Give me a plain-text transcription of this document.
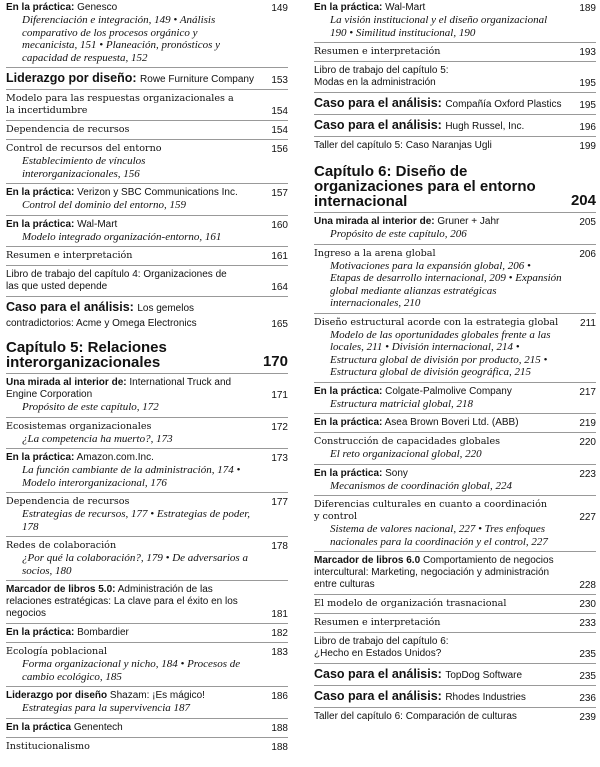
En la práctica: Genesco	149
Diferenciación e integración, 149 • Análisis comparativo de los procesos orgánico y mecanicista, 151 • Planeación, pronósticos y capacidad de respuesta, 152
Liderazgo por diseño: Rowe Furniture Company	153
Modelo para las respuestas organizacionales a la incertidumbre	154
Dependencia de recursos	154
Control de recursos del entorno	156
Establecimiento de vínculos interorganizacionales, 156
En la práctica: Verizon y SBC Communications Inc.	157
Control del dominio del entorno, 159
En la práctica: Wal-Mart	160
Modelo integrado organización-entorno, 161
Resumen e interpretación	161
Libro de trabajo del capítulo 4: Organizaciones de las que usted depende	164
Caso para el análisis: Los gemelos contradictorios: Acme y Omega Electronics	165
Capítulo 5: Relaciones interorganizacionales	170
Una mirada al interior de: International Truck and Engine Corporation	171
Propósito de este capítulo, 172
Ecosistemas organizacionales	172
¿La competencia ha muerto?, 173
En la práctica: Amazon.com.Inc.	173
La función cambiante de la administración, 174 • Modelo interorganizacional, 176
Dependencia de recursos	177
Estrategias de recursos, 177 • Estrategias de poder, 178
Redes de colaboración	178
¿Por qué la colaboración?, 179 • De adversarios a socios, 180
Marcador de libros 5.0: Administración de las relaciones estratégicas: La clave para el éxito en los negocios	181
En la práctica: Bombardier	182
Ecología poblacional	183
Forma organizacional y nicho, 184 • Procesos de cambio ecológico, 185
Liderazgo por diseño Shazam: ¡Es mágico!	186
Estrategias para la supervivencia 187
En la práctica Genentech	188
Institucionalismo	188
En la práctica: Wal-Mart	189
La visión institucional y el diseño organizacional 190 • Similitud institucional, 190
Resumen e interpretación	193
Libro de trabajo del capítulo 5: Modas en la administración	195
Caso para el análisis: Compañía Oxford Plastics	195
Caso para el análisis: Hugh Russel, Inc.	196
Taller del capítulo 5: Caso Naranjas Ugli	199
Capítulo 6: Diseño de organizaciones para el entorno internacional	204
Una mirada al interior de: Gruner + Jahr	205
Propósito de este capítulo, 206
Ingreso a la arena global	206
Motivaciones para la expansión global, 206 • Etapas de desarrollo internacional, 209 • Expansión global mediante alianzas estratégicas internacionales, 210
Diseño estructural acorde con la estrategia global	211
Modelo de las oportunidades globales frente a las locales, 211 • División internacional, 214 • Estructura global de división por producto, 215 • Estructura global de división geográfica, 215
En la práctica: Colgate-Palmolive Company	217
Estructura matricial global, 218
En la práctica: Asea Brown Boveri Ltd. (ABB)	219
Construcción de capacidades globales	220
El reto organizacional global, 220
En la práctica: Sony	223
Mecanismos de coordinación global, 224
Diferencias culturales en cuanto a coordinación y control	227
Sistema de valores nacional, 227 • Tres enfoques nacionales para la coordinación y el control, 227
Marcador de libros 6.0 Comportamiento de negocios intercultural: Marketing, negociación y administración entre culturas	228
El modelo de organización trasnacional	230
Resumen e interpretación	233
Libro de trabajo del capítulo 6: ¿Hecho en Estados Unidos?	235
Caso para el análisis: TopDog Software	235
Caso para el análisis: Rhodes Industries	236
Taller del capítulo 6: Comparación de culturas	239
